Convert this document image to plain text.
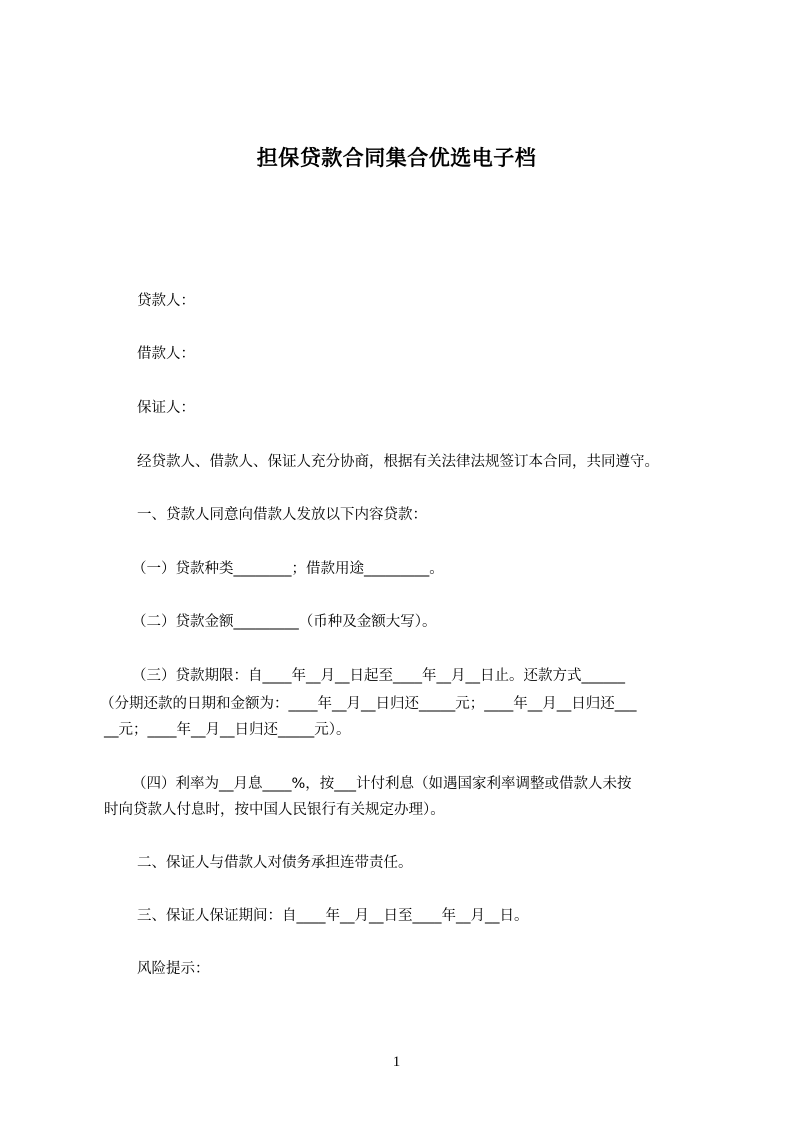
担保贷款合同集合优选电子档
贷款人：
借款人：
保证人：
经贷款人、借款人、保证人充分协商，根据有关法律法规签订本合同，共同遵守。
一、贷款人同意向借款人发放以下内容贷款：
（一）贷款种类________；借款用途_________。
（二）贷款金额_________（币种及金额大写）。
（三）贷款期限：自____年__月__日起至____年__月__日止。还款方式______
（分期还款的日期和金额为：____年__月__日归还_____元；____年__月__日归还___
__元；____年__月__日归还_____元）。
（四）利率为__月息____%，按___计付利息（如遇国家利率调整或借款人未按
时向贷款人付息时，按中国人民银行有关规定办理）。
二、保证人与借款人对债务承担连带责任。
三、保证人保证期间：自____年__月__日至____年__月__日。
风险提示：
1
